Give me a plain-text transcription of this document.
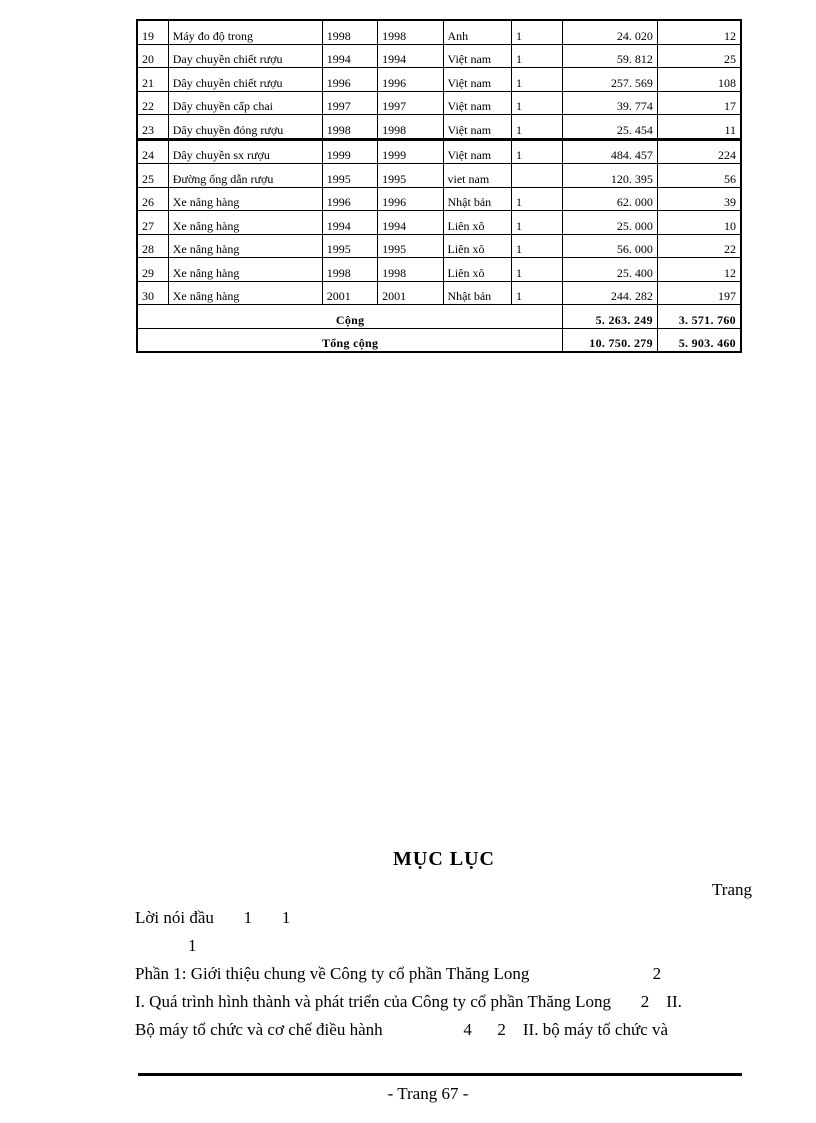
19	Máy đo độ trong	1998	1998	Anh	1	24. 020	12
20	Day chuyền chiết rượu	1994	1994	Việt nam	1	59. 812	25
21	Dây chuyền chiết rượu	1996	1996	Việt nam	1	257. 569	108
22	Dây chuyền cấp chai	1997	1997	Việt nam	1	39. 774	17
23	Dây chuyền đóng rượu	1998	1998	Việt nam	1	25. 454	11
24	Dây chuyền sx rượu	1999	1999	Việt nam	1	484. 457	224
25	Đường ống dẫn rượu	1995	1995	viet nam		120. 395	56
26	Xe nâng hàng	1996	1996	Nhật bản	1	62. 000	39
27	Xe nâng hàng	1994	1994	Liên xô	1	25. 000	10
28	Xe nâng hàng	1995	1995	Liên xô	1	56. 000	22
29	Xe nâng hàng	1998	1998	Liên xô	1	25. 400	12
30	Xe nâng hàng	2001	2001	Nhật bản	1	244. 282	197
Cộng						5. 263. 249	3. 571. 760
Tổng cộng						10. 750. 279	5. 903. 460
MỤC LỤC
Trang
Lời nói đầu       1       1
1
Phần 1: Giới thiệu chung về Công ty cổ phần Thăng Long                             2
I. Quá trình hình thành và phát triển của Công ty cổ phần Thăng Long       2    II.
Bộ máy tổ chức và cơ chế điều hành                   4      2    II. bộ máy tổ chức và
- Trang 67 -
